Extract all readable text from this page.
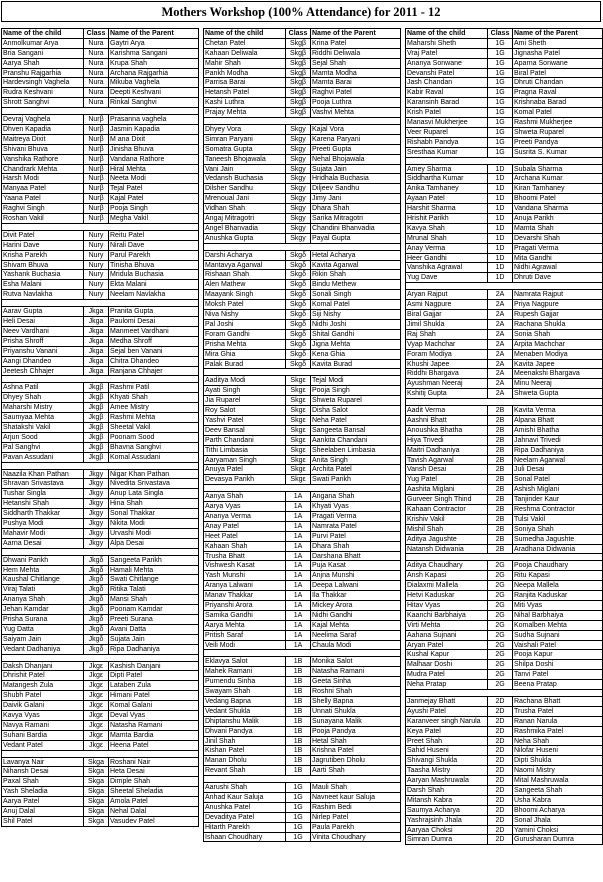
Mothers Workshop (100% Attendance) for 2011 - 12
Name of the child	Class Name of the Parent
Anmolkumar Arya	Nura Gaytri Arya
Bria Sangani	Nura Karishma Sangani
Aarya Shah	Nura Krupa Shah
Pranshu Rajgarhia	Nura Archana Rajgarhia
Hardevsingh Vaghela	Nura Mikuba Vaghela
Rudra Keshvani	Nura Deepti Keshvani
Shrott Sanghvi	Nura Rinkal Sanghvi
Devraj Vaghela	Nurβ Prasanna vaghela
Dhven Kapadia	Nurβ Jasmin Kapadia
Maitreya Dixit	Nurβ M ana Dixit
Shivani Bhuva	Nurβ Jinisha Bhuva
Vanshika Rathore	Nurβ Vandana Rathore
Chandrark Mehta	Nurβ Hiral Mehta
Harsh Modi	Nurβ Neeta Modi
Manyaa Patel	Nurβ Tejal Patel
Yaana Patel	Nurβ Kajal Patel
Raghvi Singh	Nurβ Pooja Singh
Roshan Vakil	Nurβ Megha Vakil
Divit Patel	Nury Reitu Patel
Harini Dave	Nury Nirali Dave
Krisha Parekh	Nury Parul Parekh
Shivam Bhuva	Nury Tinisha Bhuva
Yashank Buchasia	Nury Mridula Buchasia
Esha Malani	Nury Ekta Malani
Rutva Navlakha	Nury Neelam Navlakha
Aarav Gupta	Jkga Pranita Gupta
Heli Desai	Jkga Paulomi Desai
Neev Vardhani	Jkga Manmeet Vardhani
Prisha Shroff	Jkga Medha Shroff
Priyanshu Vanani	Jkga Sejal ben Vanani
Aangi Dhandeo	Jkga Chitra Dhandeo
Jeetesh Chhajer	Jkga Ranjana Chhajer
Ashna Patil	Jkgβ Rashmi Patil
Dhyey Shah	Jkgβ Khyati Shah
Maharshi Mistry	Jkgβ Amee Mistry
Saumyaa Mehta	Jkgβ Rashmi Mehta
Shatakshi Vakil	Jkgβ Sheetal Vakil
Arjun Sood	Jkgβ Poonam Sood
Pal Sanghvi	Jkgβ Bhavna Sanghvi
Pavan Assudani	Jkgβ Komal Assudani
Naazila Khan Pathan	Jkgy Nigar Khan Pathan
Shravan Srivastava	Jkgy Nivedita Srivastava
Tushar Singla	Jkgy Anup Lata Singla
Hetanshi Shah	Jkgy Hina Shah
Siddharth Thakkar	Jkgy Sonal Thakkar
Pushya Modi	Jkgy Nikita Modi
Mahavir Modi	Jkgy Urvashi Modi
Aarna Desai	Jkgy Alpa Desai
Dhwani Parikh	Jkgδ Sangeeta Parikh
Hem Mehta	Jkgδ Hamali Mehta
Kaushal Chitlange	Jkgδ Swati Chitlange
Viraj Talati	Jkgδ Ritika Talati
Ananya Shah	Jkgδ Mansi Shah
Jehan Kamdar	Jkgδ Poonam Kamdar
Prisha Surana	Jkgδ Preeti Surana
Yug Datta	Jkgδ Avani Datta
Saiyam Jain	Jkgδ Sujata Jain
Vedant Dadhaniya	Jkgδ Ripa Dadhaniya
Daksh Dhanjani	Jkgε	Kashish Danjani
Dhrishit Patel	Jkgε	Dipti Patel
Matangesh Zula	Jkgε	Lataben Zula
Shubh Patel	Jkgε	Himani Patel
Daivik Galani	Jkgε	Komal Galani
Kavya Vyas	Jkgε	Deval Vyas
Navya Ramani	Jkgε	Natasha Ramani
Suhani Bardia	Jkgε	Mamta Bardia
Vedant Patel	Jkgε	Heena Patel
Lavanya Nair	Skga Roshani Nair
Nihansh Desai	Skga Heta Desai
Paxal Shah	Skga Dimple Shah
Yash Sheladia	Skga Sheetal Sheladia
Aarya Patel	Skga Amola Patel
Anuj Dalal	Skga Nehal Dalal
Shil Patel	Skga Vasudev Patel
Name of the child	Class Name of the Parent
Chetan Patel	Skgβ Krina Patel
Kahaan Deliwala	Skgβ Riddhi Deliwala
Mahir Shah	Skgβ Sejal Shah
Pankh Modha	Skgβ Mamta Modha
Parrisa Barai	Skgβ Mamta Barai
Hetansh Patel	Skgβ Raghvi Patel
Kashi Luthra	Skgβ Pooja Luthra
Prajay Mehta	Skgβ Vashvi Mehta
Dhyey Vora	Skgy Kajal Vora
Simran Paryani	Skgy Karena Paryani
Somatra Gupta	Skgy Preeti Gupta
Taneesh Bhojawala	Skgy Nehal Bhojawala
Vani Jain	Skgy Sujata Jain
Vedansh Buchasia	Skgy Hridhala Buchasia
Dilsher Sandhu	Skgy Diljeev Sandhu
Mrenoual Jani	Skgy Jimy Jani
Vidhan Shah	Skgy Dhara Shah
Angaj Mitragotri	Skgy Sarika Mitragotri
Angel Bhanvadia	Skgy Chandini Bhanvadia
Anushka Gupta	Skgy Payal Gupta
Darshi Acharya	Skgδ Hetal Acharya
Mantavya Agarwal	Skgδ Kavita Agarwal
Rishaan Shah	Skgδ Rikin Shah
Alen Mathew	Skgδ Bindu Methew
Maayank Singh	Skgδ Sonali Singh
Moksh Patel	Skgδ Komal Patel
Niva Nishy	Skgδ Siji Nishy
Pal Joshi	Skgδ Nidhi Joshi
Foram Gandhi	Skgδ Shital Gandhi
Prisha Mehta	Skgδ Jigna Mehta
Mira Ghia	Skgδ Kena Ghia
Palak Burad	Skgδ Kavita Burad
Aaditya Modi	Skgε Tejal Modi
Ayati Singh	Skgε Pooja Singh
Jia Ruparel	Skgε Shweta Ruparel
Roy Salot	Skgε Disha Salot
Yashvi Patel	Skgε Neha Patel
Deev Bansal	Skgε Sangeeta Bansal
Parth Chandani	Skgε Aankita Chandani
Tithi Limbasia	Skgε Sheelaben Limbasia
Aaryaman Singh	Skgε Anita Singh
Anuya Patel	Skgε Archita Patel
Devasya Parikh	Skgε Swati Parikh
Aanya Shah	1A	Angana Shah
Aarya Vyas	1A	Khyati Vyas
Ananya Verma	1A	Pragati Verma
Anay Patel	1A	Namrata Patel
Heet Patel	1A	Purvi Patel
Kahaan Shah	1A	Dhara Shah
Trusha Bhatt	1A	Darshana Bhatt
Vishwesh Kasat	1A	Puja Kasat
Yash Munshi	1A	Anjna Munshi
Aranya Lalwani	1A	Deepa Lalwani
Manav Thakkar	1A	Ila Thakkar
Priyanshi Arora	1A	Mickey Arora
Samika Gandhi	1A	Nidhi Gandhi
Aarya Mehta	1A	Kajal Mehta
Pritish Saraf	1A	Neelima Saraf
Veili Modi	1A	Chaula Modi
Eklavya Salot	1B	Monika Salot
Mahek Ramani	1B	Natasha Ramani
Purnendu Sinha	1B	Geeta Sinha
Swayam Shah	1B	Roshni Shah
Vedang Bapna	1B	Shelly Bapna
Vedant Shukla	1B	Unnati Shukla
Dhiptanshu Malik	1B	Sunayana Malik
Dhvani Pandya	1B	Pooja Pandya
Jinil Shah	1B	Hetal Shah
Kishan Patel	1B	Krishna Patel
Manan Dholu	1B	Jagrutiben Dholu
Revant Shah	1B	Aarti Shah
Aarushi Shah	1G	Mauli Shah
Anhad Kaur Saluja	1G	Navneet kaur Saluja
Anushka Patel	1G	Rashim Bedi
Devaditya Patel	1G	Nirlep Patel
Hitarth Parekh	1G	Paula Parekh
Ishaan Choudhary	1G	Vinita Choudhary
Name of the child	Class Name of the Parent
Maharshi Sheth	1G	Ami Sheth
Vraj Patel	1G	Jignasha Patel
Ananya Sonwane	1G	Aparna Sonwane
Devanshi Patel	1G	Biral Patel
Jash Chandan	1G	Dhruti Chandan
Kabir Raval	1G	Pragna Raval
Karansinh Barad	1G	Krishnaba Barad
Krish Patel	1G	Komal Patel
Manasvi Mukherjee	1G	Rashmi Mukherjee
Veer Ruparel	1G	Shweta Ruparel
Rishabh Pandya	1G	Preeti Pandya
Sresthaa Kumar	1G	Susrita S. Kumar
Amey Sharma	1D	Subala Sharma
Siddhartha Kumar	1D	Archana Kumar
Anika Tamhaney	1D	Kiran Tamhaney
Ayaan Patel	1D	Bhoomi Patel
Harshit Sharma	1D	Vandana Sharma
Hrishit Parikh	1D	Anuja Parikh
Kavya Shah	1D	Mamta Shah
Mrunal Shah	1D	Devarshi Shah
Anay Verma	1D	Pragati Verma
Heer Gandhi	1D	Mita Gandhi
Vanshika Agrawal	1D	Nidhi Agrawal
Yug Dave	1D	Dhruti Dave
Aryan Rajput	2A	Namrata Rajput
Asmi Nagpure	2A	Priya Nagpure
Biral Gajjar	2A	Rupesh Gajjar
Jimil Shukla	2A	Rachana Shukla
Raj Shah	2A	Sonia Shah
Vyap Machchar	2A	Arpita Machchar
Foram Modiya	2A	Menaben Modiya
Khushi Japee	2A	Kavita Japee
Riddhi Bhargava	2A	Meenakshi Bhargava
Ayushman Neeraj	2A	Minu Neeraj
Kshitij Gupta	2A	Shweta Gupta
Aadit Verma	2B	Kavita Verma
Aashni Bhatt	2B	Alpana Bhatt
Anoushka Bhatha	2B	Amishi Bhatha
Hiya Trivedi	2B	Jahnavi Trivedi
Maitri Dadhaniya	2B	Ripa Dadhaniya
Tavish Agarwal	2B	Neelam Agarwal
Vansh Desai	2B	Juli Desai
Yug Patel	2B	Sonal Patel
Aashita Miglani	2B	Ashish Miglani
Gurveer Singh Thind	2B	Tanjinder Kaur
Kahaan Contractor	2B	Reshma Contractor
Krishiv Vakil	2B	Tulsi Vakil
Mishil Shah	2B	Soniya Shah
Aditya Jagushte	2B	Sumedha Jagushte
Natansh Didwania	2B	Aradhana Didwania
Aditya Chaudhary	2G	Pooja Chaudhary
Ansh Kapasi	2G	Ritu Kapasi
Dialaxmi Mallela	2G	Neepa Mallela
Hetvi Kaduskar	2G	Ranjita Kaduskar
Hitav Vyas	2G	Miti Vyas
Kaanchi Barbhaiya	2G	Nihal Barbhaiya
Virti Mehta	2G	Komalben Mehta
Aahana Sujnani	2G	Sudha Sujnani
Aryan Patel	2G	Vaishali Patel
Kushal Kapur	2G	Pooja Kapur
Malhaar Doshi	2G	Shilpa Doshi
Mudra Patel	2G	Tanvi Patel
Neha Pratap	2G	Beena Pratap
Janmejay Bhatt	2D	Rachana Bhatt
Ayushi Patel	2D	Trusha Patel
Karanveer singh Narula	2D	Ranan Narula
Keya Patel	2D	Rashmika Patel
Preet Shah	2D	Neha Shah
Sahid Huseni	2D	Nilofar Huseni
Shivangi Shukla	2D	Dipti Shukla
Taasha Mistry	2D	Naomi Mistry
Aaryan Mashruwala	2D	Mital Mashruwala
Darsh Shah	2D	Sangeeta Shah
Mitansh Kabra	2D	Usha Kabra
Saumya Acharya	2D	Bhoomi Acharya
Yashrajsinh Jhala	2D	Sonal Jhala
Aaryaa Choksi	2D	Yamini Choksi
Simran Dumra	2D	Gurusharan Dumra
